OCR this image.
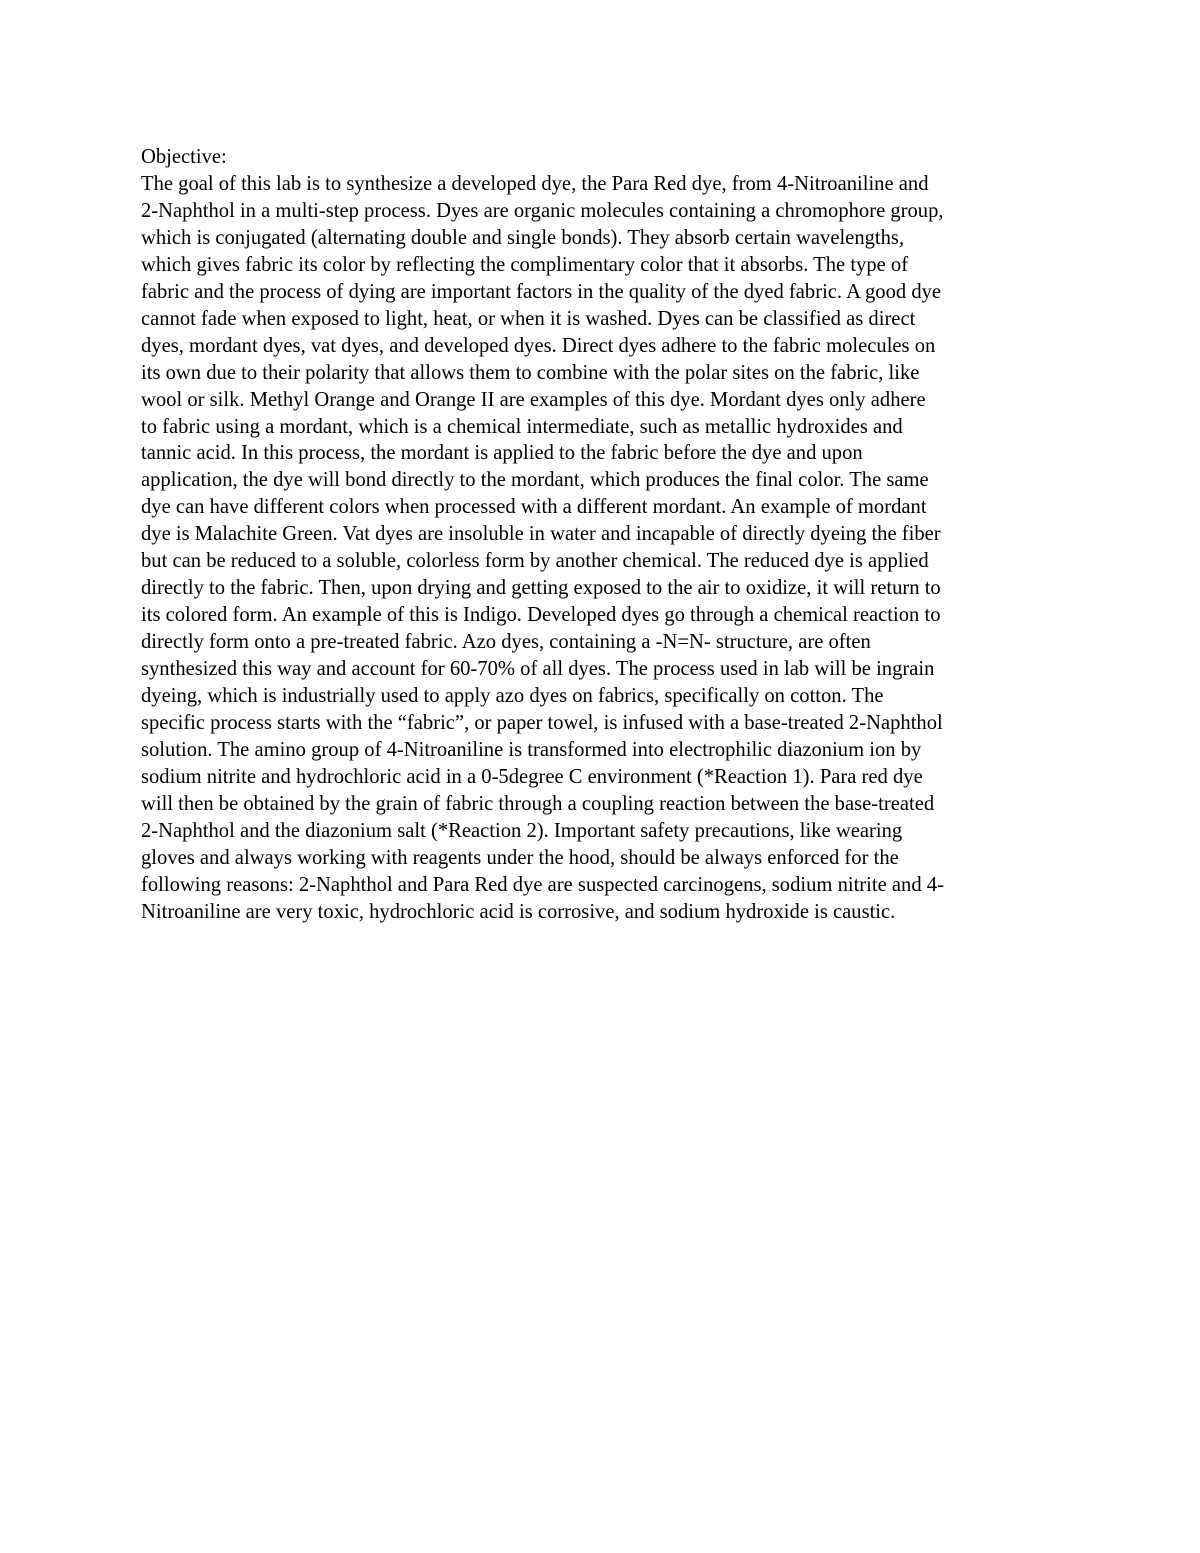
Objective:
The goal of this lab is to synthesize a developed dye, the Para Red dye, from 4-Nitroaniline and
2-Naphthol in a multi-step process. Dyes are organic molecules containing a chromophore group,
which is conjugated (alternating double and single bonds). They absorb certain wavelengths,
which gives fabric its color by reflecting the complimentary color that it absorbs. The type of
fabric and the process of dying are important factors in the quality of the dyed fabric. A good dye
cannot fade when exposed to light, heat, or when it is washed. Dyes can be classified as direct
dyes, mordant dyes, vat dyes, and developed dyes. Direct dyes adhere to the fabric molecules on
its own due to their polarity that allows them to combine with the polar sites on the fabric, like
wool or silk. Methyl Orange and Orange II are examples of this dye. Mordant dyes only adhere
to fabric using a mordant, which is a chemical intermediate, such as metallic hydroxides and
tannic acid. In this process, the mordant is applied to the fabric before the dye and upon
application, the dye will bond directly to the mordant, which produces the final color. The same
dye can have different colors when processed with a different mordant. An example of mordant
dye is Malachite Green. Vat dyes are insoluble in water and incapable of directly dyeing the fiber
but can be reduced to a soluble, colorless form by another chemical. The reduced dye is applied
directly to the fabric. Then, upon drying and getting exposed to the air to oxidize, it will return to
its colored form. An example of this is Indigo. Developed dyes go through a chemical reaction to
directly form onto a pre-treated fabric. Azo dyes, containing a -N=N- structure, are often
synthesized this way and account for 60-70% of all dyes. The process used in lab will be ingrain
dyeing, which is industrially used to apply azo dyes on fabrics, specifically on cotton. The
specific process starts with the “fabric”, or paper towel, is infused with a base-treated 2-Naphthol
solution. The amino group of 4-Nitroaniline is transformed into electrophilic diazonium ion by
sodium nitrite and hydrochloric acid in a 0-5degree C environment (*Reaction 1). Para red dye
will then be obtained by the grain of fabric through a coupling reaction between the base-treated
2-Naphthol and the diazonium salt (*Reaction 2). Important safety precautions, like wearing
gloves and always working with reagents under the hood, should be always enforced for the
following reasons: 2-Naphthol and Para Red dye are suspected carcinogens, sodium nitrite and 4-
Nitroaniline are very toxic, hydrochloric acid is corrosive, and sodium hydroxide is caustic.
